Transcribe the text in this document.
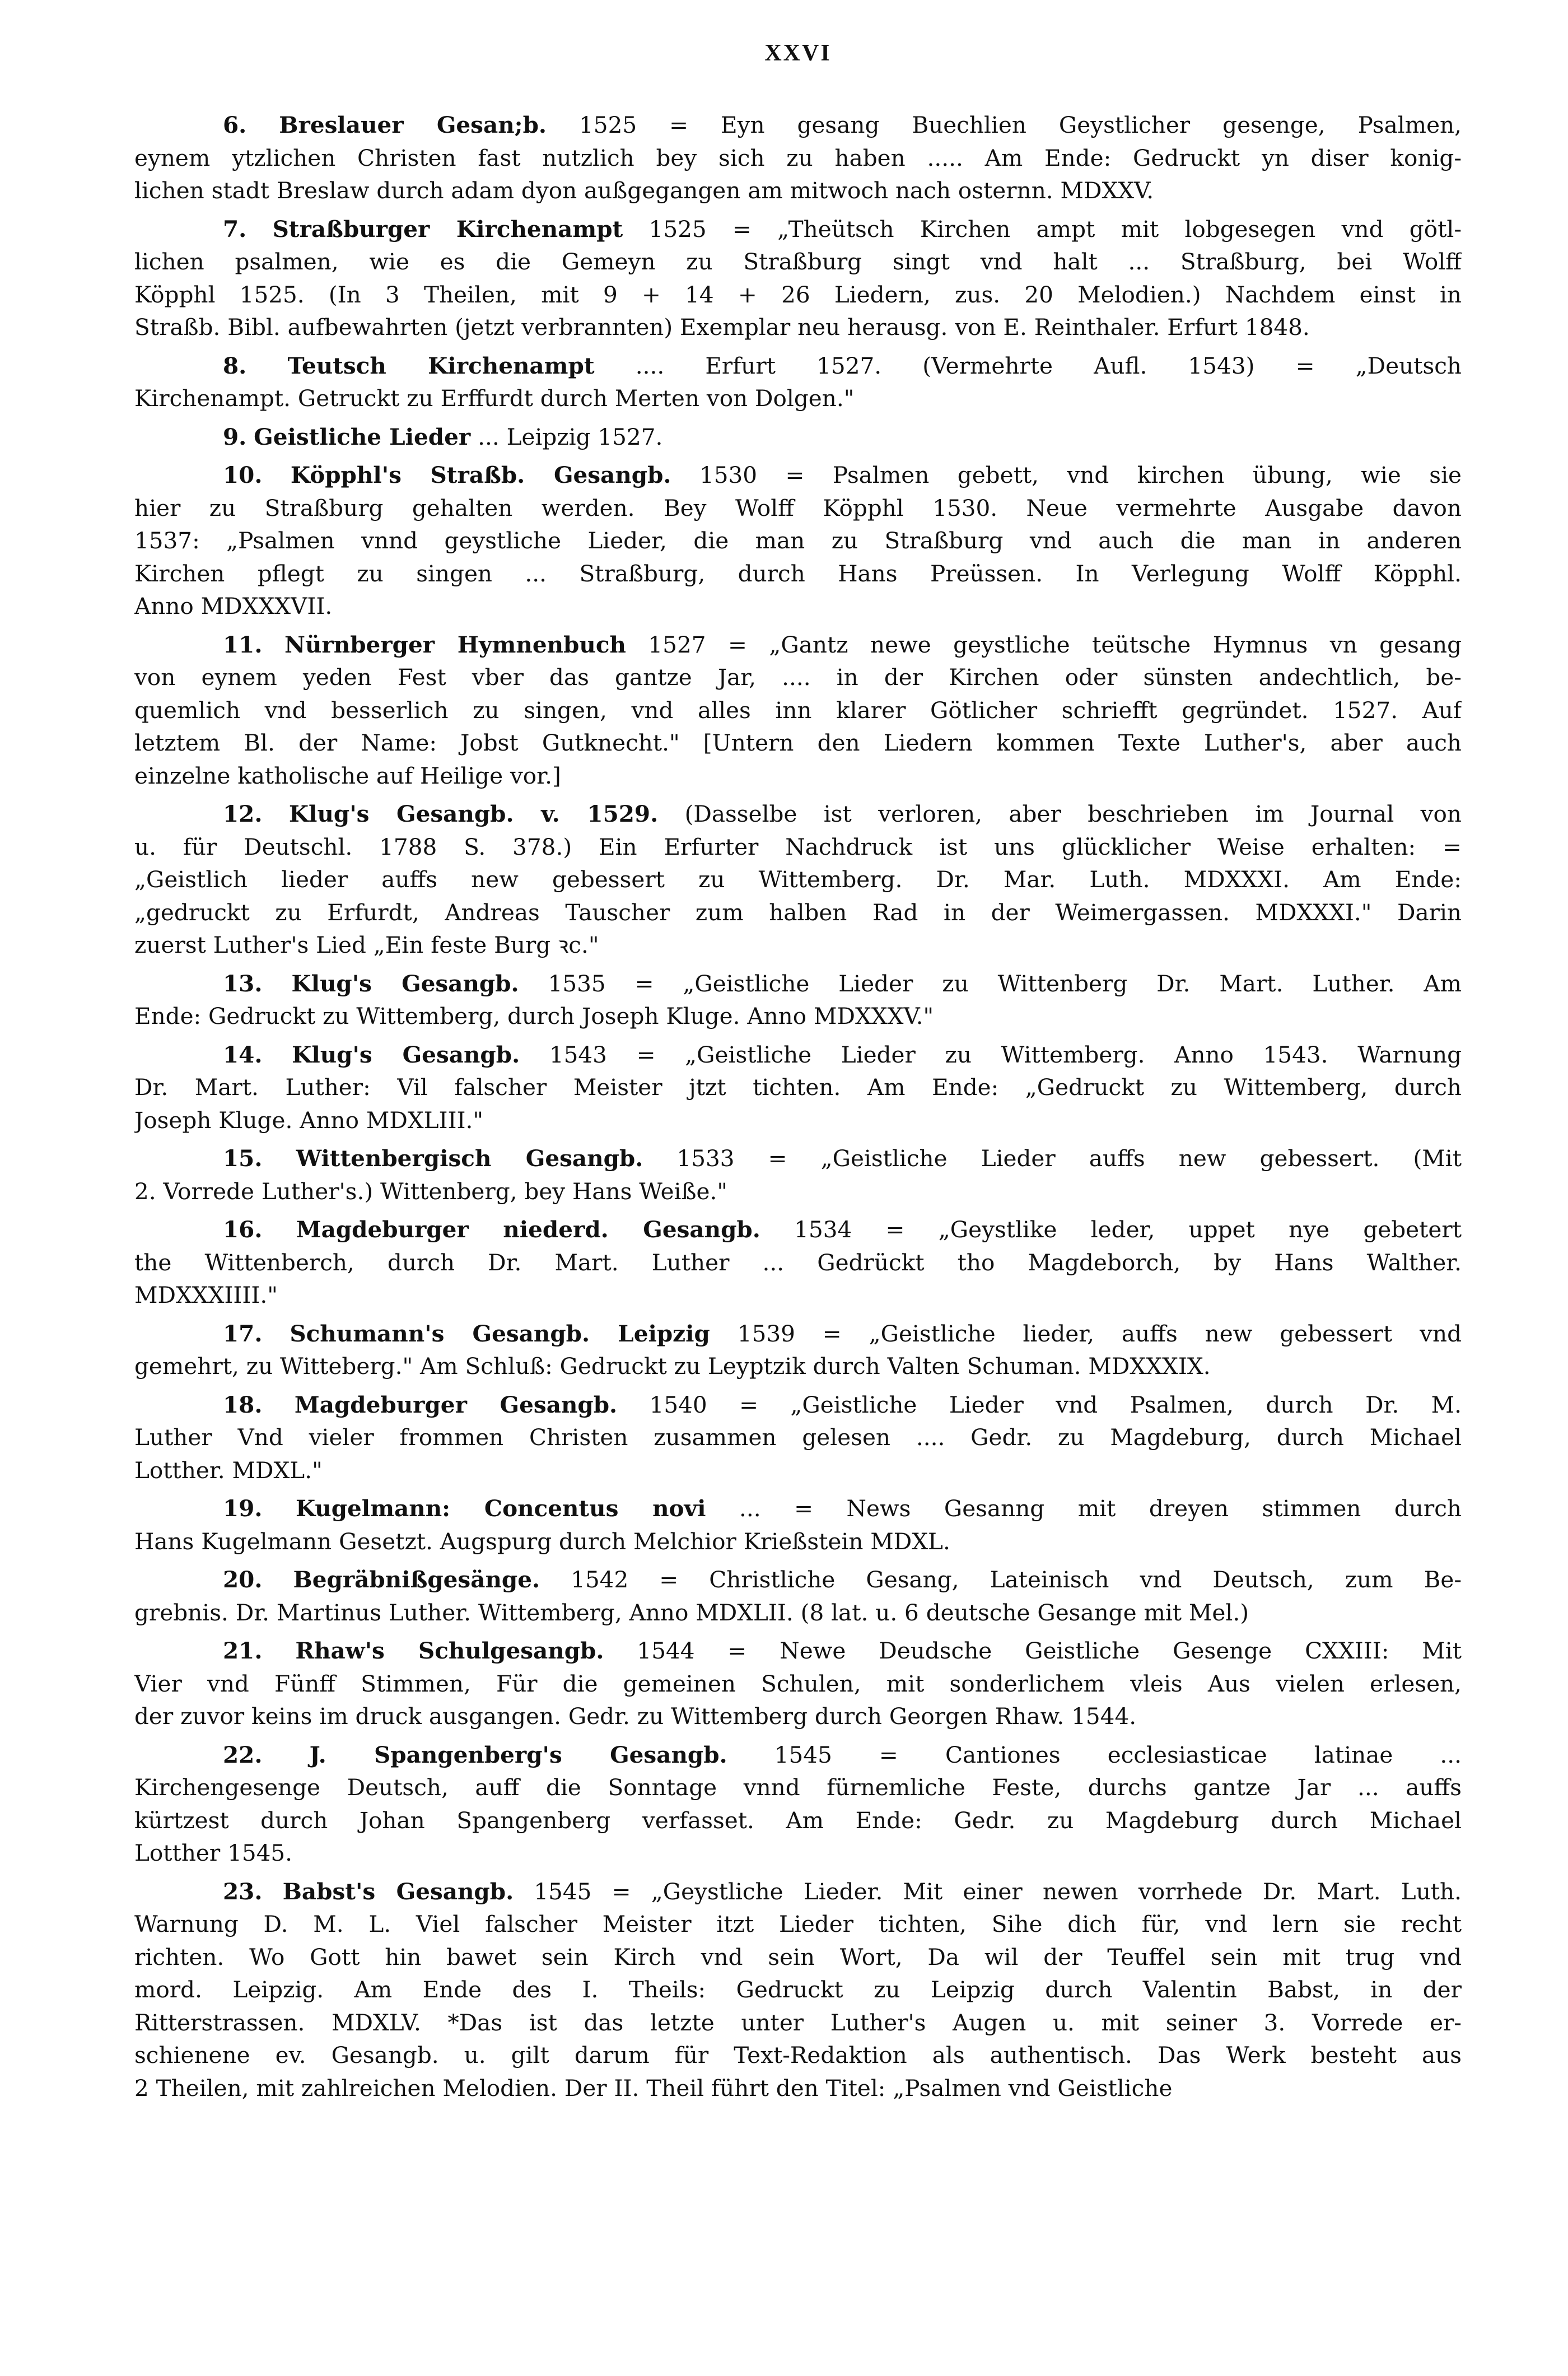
XXVI
6. Breslauer Gesan;b. 1525 = Eyn gesang Buechlien Geystlicher gesenge, Psalmen,
eynem ytzlichen Christen fast nutzlich bey sich zu haben ..... Am Ende: Gedruckt yn diser konig-
lichen stadt Breslaw durch adam dyon außgegangen am mitwoch nach osternn. MDXXV.
7. Straßburger Kirchenampt 1525 = „Theütsch Kirchen ampt mit lobgesegen vnd götl-
lichen psalmen, wie es die Gemeyn zu Straßburg singt vnd halt ... Straßburg, bei Wolff
Köpphl 1525. (In 3 Theilen, mit 9 + 14 + 26 Liedern, zus. 20 Melodien.) Nachdem einst in
Straßb. Bibl. aufbewahrten (jetzt verbrannten) Exemplar neu herausg. von E. Reinthaler. Erfurt 1848.
8. Teutsch Kirchenampt .... Erfurt 1527. (Vermehrte Aufl. 1543) = „Deutsch
Kirchenampt. Getruckt zu Erffurdt durch Merten von Dolgen."
9. Geistliche Lieder ... Leipzig 1527.
10. Köpphl's Straßb. Gesangb. 1530 = Psalmen gebett, vnd kirchen übung, wie sie
hier zu Straßburg gehalten werden. Bey Wolff Köpphl 1530. Neue vermehrte Ausgabe davon
1537: „Psalmen vnnd geystliche Lieder, die man zu Straßburg vnd auch die man in anderen
Kirchen pflegt zu singen ... Straßburg, durch Hans Preüssen. In Verlegung Wolff Köpphl.
Anno MDXXXVII.
11. Nürnberger Hymnenbuch 1527 = „Gantz newe geystliche teütsche Hymnus vn gesang
von eynem yeden Fest vber das gantze Jar, .... in der Kirchen oder sünsten andechtlich, be-
quemlich vnd besserlich zu singen, vnd alles inn klarer Götlicher schriefft gegründet. 1527. Auf
letztem Bl. der Name: Jobst Gutknecht." [Untern den Liedern kommen Texte Luther's, aber auch
einzelne katholische auf Heilige vor.]
12. Klug's Gesangb. v. 1529. (Dasselbe ist verloren, aber beschrieben im Journal von
u. für Deutschl. 1788 S. 378.) Ein Erfurter Nachdruck ist uns glücklicher Weise erhalten: =
„Geistlich lieder auffs new gebessert zu Wittemberg. Dr. Mar. Luth. MDXXXI. Am Ende:
„gedruckt zu Erfurdt, Andreas Tauscher zum halben Rad in der Weimergassen. MDXXXI." Darin
zuerst Luther's Lied „Ein feste Burg ꝛc."
13. Klug's Gesangb. 1535 = „Geistliche Lieder zu Wittenberg Dr. Mart. Luther. Am
Ende: Gedruckt zu Wittemberg, durch Joseph Kluge. Anno MDXXXV."
14. Klug's Gesangb. 1543 = „Geistliche Lieder zu Wittemberg. Anno 1543. Warnung
Dr. Mart. Luther: Vil falscher Meister jtzt tichten. Am Ende: „Gedruckt zu Wittemberg, durch
Joseph Kluge. Anno MDXLIII."
15. Wittenbergisch Gesangb. 1533 = „Geistliche Lieder auffs new gebessert. (Mit
2. Vorrede Luther's.) Wittenberg, bey Hans Weiße."
16. Magdeburger niederd. Gesangb. 1534 = „Geystlike leder, uppet nye gebetert
the Wittenberch, durch Dr. Mart. Luther ... Gedrückt tho Magdeborch, by Hans Walther.
MDXXXIIII."
17. Schumann's Gesangb. Leipzig 1539 = „Geistliche lieder, auffs new gebessert vnd
gemehrt, zu Witteberg." Am Schluß: Gedruckt zu Leyptzik durch Valten Schuman. MDXXXIX.
18. Magdeburger Gesangb. 1540 = „Geistliche Lieder vnd Psalmen, durch Dr. M.
Luther Vnd vieler frommen Christen zusammen gelesen .... Gedr. zu Magdeburg, durch Michael
Lotther. MDXL."
19. Kugelmann: Concentus novi ... = News Gesanng mit dreyen stimmen durch
Hans Kugelmann Gesetzt. Augspurg durch Melchior Krießstein MDXL.
20. Begräbnißgesänge. 1542 = Christliche Gesang, Lateinisch vnd Deutsch, zum Be-
grebnis. Dr. Martinus Luther. Wittemberg, Anno MDXLII. (8 lat. u. 6 deutsche Gesange mit Mel.)
21. Rhaw's Schulgesangb. 1544 = Newe Deudsche Geistliche Gesenge CXXIII: Mit
Vier vnd Fünff Stimmen, Für die gemeinen Schulen, mit sonderlichem vleis Aus vielen erlesen,
der zuvor keins im druck ausgangen. Gedr. zu Wittemberg durch Georgen Rhaw. 1544.
22. J. Spangenberg's Gesangb. 1545 = Cantiones ecclesiasticae latinae ...
Kirchengesenge Deutsch, auff die Sonntage vnnd fürnemliche Feste, durchs gantze Jar ... auffs
kürtzest durch Johan Spangenberg verfasset. Am Ende: Gedr. zu Magdeburg durch Michael
Lotther 1545.
23. Babst's Gesangb. 1545 = „Geystliche Lieder. Mit einer newen vorrhede Dr. Mart. Luth.
Warnung D. M. L. Viel falscher Meister itzt Lieder tichten, Sihe dich für, vnd lern sie recht
richten. Wo Gott hin bawet sein Kirch vnd sein Wort, Da wil der Teuffel sein mit trug vnd
mord. Leipzig. Am Ende des I. Theils: Gedruckt zu Leipzig durch Valentin Babst, in der
Ritterstrassen. MDXLV. *Das ist das letzte unter Luther's Augen u. mit seiner 3. Vorrede er-
schienene ev. Gesangb. u. gilt darum für Text-Redaktion als authentisch. Das Werk besteht aus
2 Theilen, mit zahlreichen Melodien. Der II. Theil führt den Titel: „Psalmen vnd Geistliche
